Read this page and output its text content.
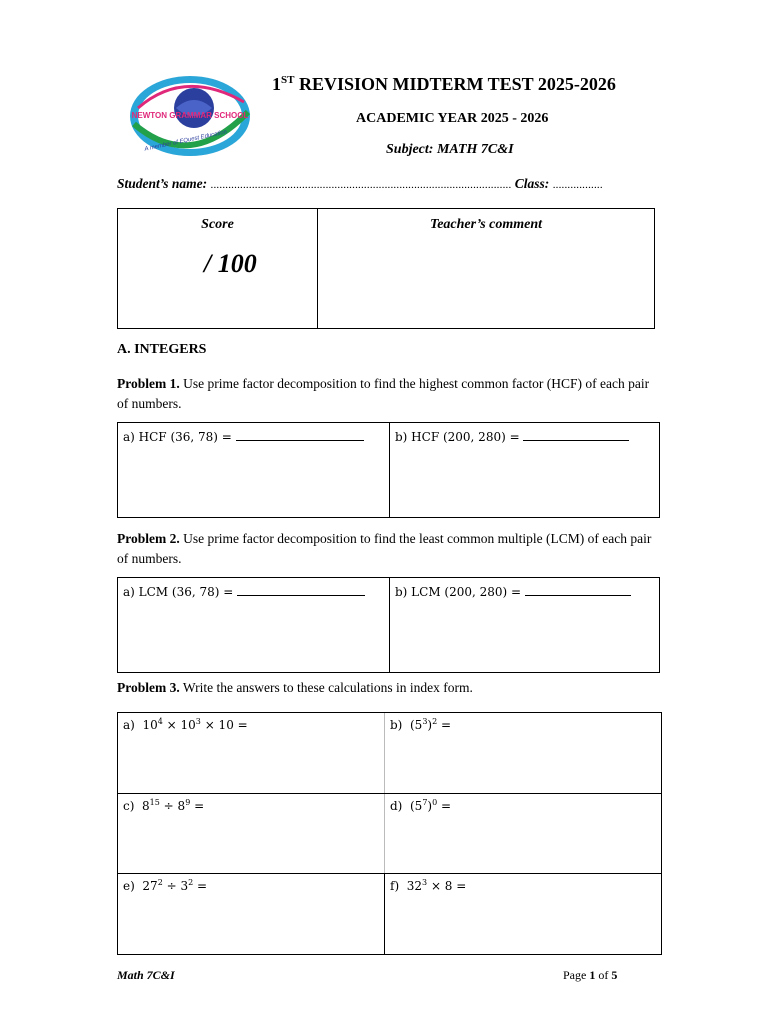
NEWTON GRAMMAR SCHOOL
A member of EQuest Education
1ST REVISION MIDTERM TEST 2025-2026
ACADEMIC YEAR 2025 - 2026
Subject: MATH 7C&I
Student’s name: ...................................................................................................... Class: .................
Score
/ 100
Teacher’s comment
A. INTEGERS
Problem 1. Use prime factor decomposition to find the highest common factor (HCF) of each pair of numbers.
a) HCF (36, 78) =	b) HCF (200, 280) =
Problem 2. Use prime factor decomposition to find the least common multiple (LCM) of each pair of numbers.
a) LCM (36, 78) =	b) LCM (200, 280) =
Problem 3. Write the answers to these calculations in index form.
a)  $10^4 \times 10^3 \times 10$ =	b)  $(5^3)^2$ =
c)  $8^{15} \div 8^9$ =	d)  $(5^7)^0$ =
e)  $27^2 \div 3^2$ =	f)  $32^3 \times 8$ =
Math 7C&I	Page 1 of 5
